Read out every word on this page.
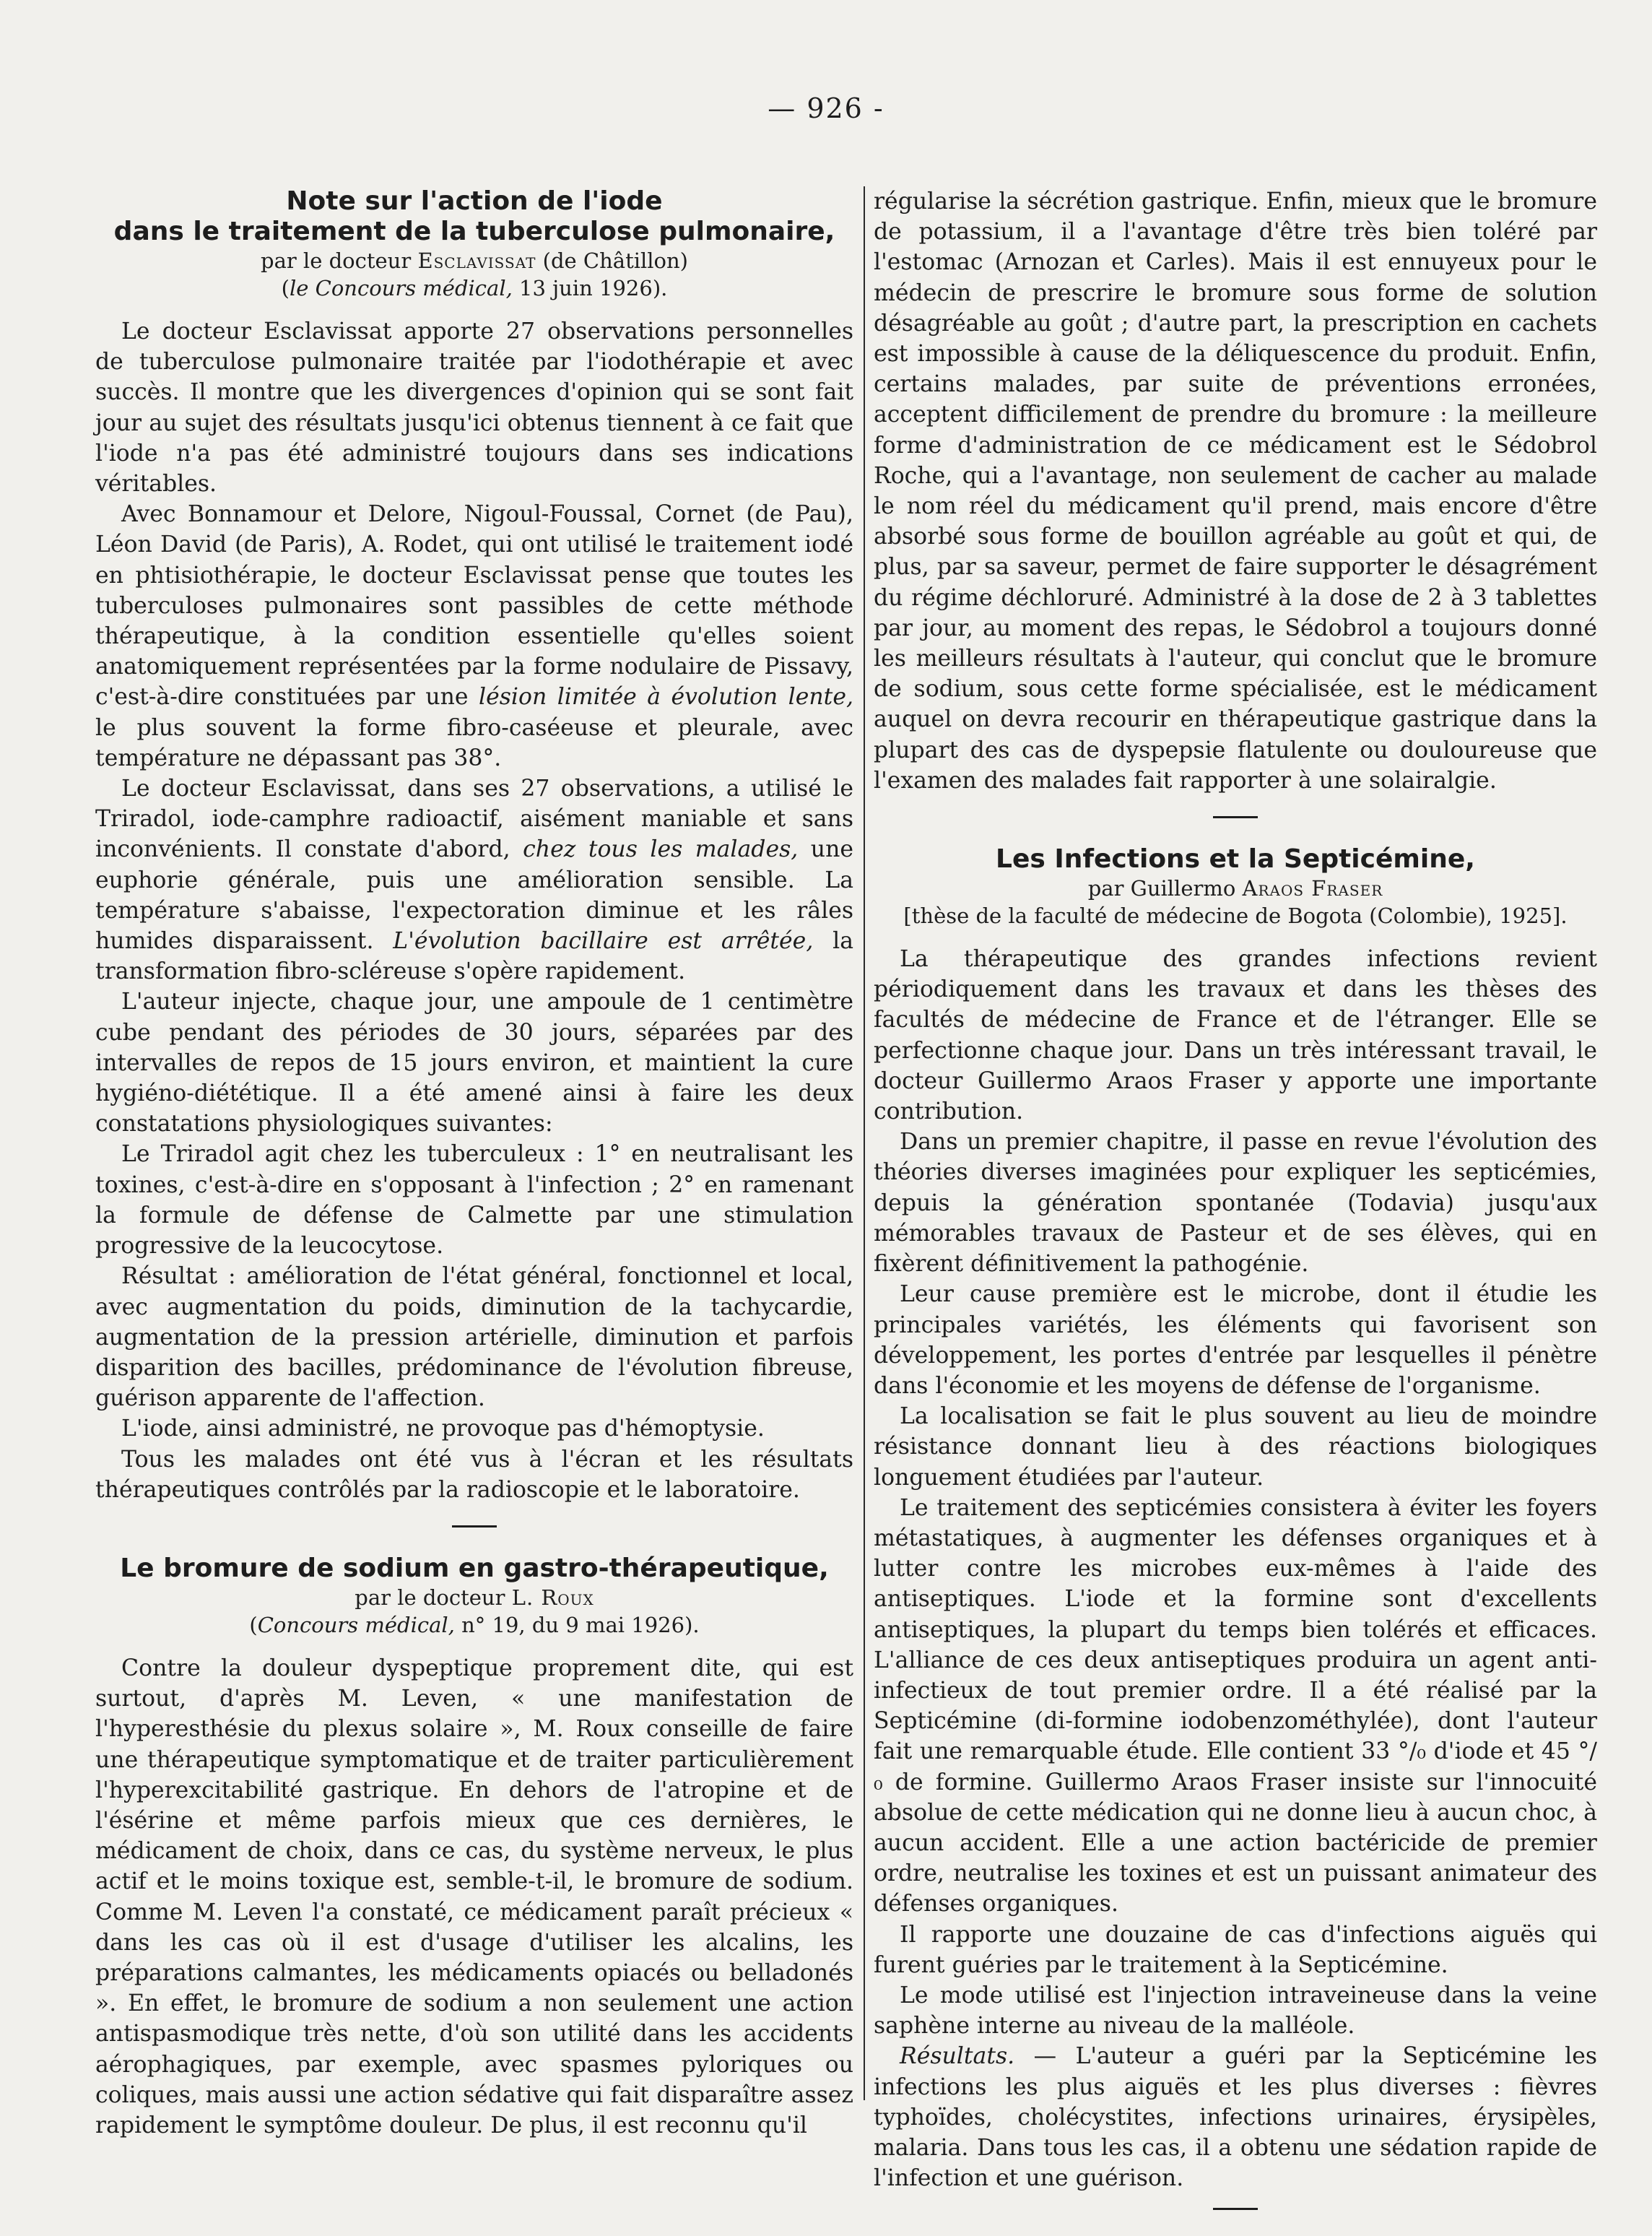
— 926 -

Note sur l'action de l'iode

dans le traitement de la tuberculose pulmonaire,

par le docteur Esclavissat (de Châtillon)

(le Concours médical, 13 juin 1926).

Le docteur Esclavissat apporte 27 observations personnelles de tuberculose pulmonaire traitée par l'iodothérapie et avec succès. Il montre que les divergences d'opinion qui se sont fait jour au sujet des résultats jusqu'ici obtenus tiennent à ce fait que l'iode n'a pas été administré toujours dans ses indications véritables.

Avec Bonnamour et Delore, Nigoul-Foussal, Cornet (de Pau), Léon David (de Paris), A. Rodet, qui ont utilisé le traitement iodé en phtisiothérapie, le docteur Esclavissat pense que toutes les tuberculoses pulmonaires sont passibles de cette méthode thérapeutique, à la condition essentielle qu'elles soient anatomiquement représentées par la forme nodulaire de Pissavy, c'est-à-dire constituées par une lésion limitée à évolution lente, le plus souvent la forme fibro-caséeuse et pleurale, avec température ne dépassant pas 38°.

Le docteur Esclavissat, dans ses 27 observations, a utilisé le Triradol, iode-camphre radioactif, aisément maniable et sans inconvénients. Il constate d'abord, chez tous les malades, une euphorie générale, puis une amélioration sensible. La température s'abaisse, l'expectoration diminue et les râles humides disparaissent. L'évolution bacillaire est arrêtée, la transformation fibro-scléreuse s'opère rapidement.

L'auteur injecte, chaque jour, une ampoule de 1 centimètre cube pendant des périodes de 30 jours, séparées par des intervalles de repos de 15 jours environ, et maintient la cure hygiéno-diététique. Il a été amené ainsi à faire les deux constatations physiologiques suivantes:

Le Triradol agit chez les tuberculeux : 1° en neutralisant les toxines, c'est-à-dire en s'opposant à l'infection ; 2° en ramenant la formule de défense de Calmette par une stimulation progressive de la leucocytose.

Résultat : amélioration de l'état général, fonctionnel et local, avec augmentation du poids, diminution de la tachycardie, augmentation de la pression artérielle, diminution et parfois disparition des bacilles, prédominance de l'évolution fibreuse, guérison apparente de l'affection.

L'iode, ainsi administré, ne provoque pas d'hémoptysie.

Tous les malades ont été vus à l'écran et les résultats thérapeutiques contrôlés par la radioscopie et le laboratoire.

Le bromure de sodium en gastro-thérapeutique,

par le docteur L. Roux

(Concours médical, n° 19, du 9 mai 1926).

Contre la douleur dyspeptique proprement dite, qui est surtout, d'après M. Leven, « une manifestation de l'hyperesthésie du plexus solaire », M. Roux conseille de faire une thérapeutique symptomatique et de traiter particulièrement l'hyperexcitabilité gastrique. En dehors de l'atropine et de l'ésérine et même parfois mieux que ces dernières, le médicament de choix, dans ce cas, du système nerveux, le plus actif et le moins toxique est, semble-t-il, le bromure de sodium. Comme M. Leven l'a constaté, ce médicament paraît précieux « dans les cas où il est d'usage d'utiliser les alcalins, les préparations calmantes, les médicaments opiacés ou belladonés ». En effet, le bromure de sodium a non seulement une action antispasmodique très nette, d'où son utilité dans les accidents aérophagiques, par exemple, avec spasmes pyloriques ou coliques, mais aussi une action sédative qui fait disparaître assez rapidement le symptôme douleur. De plus, il est reconnu qu'il

régularise la sécrétion gastrique. Enfin, mieux que le bromure de potassium, il a l'avantage d'être très bien toléré par l'estomac (Arnozan et Carles). Mais il est ennuyeux pour le médecin de prescrire le bromure sous forme de solution désagréable au goût ; d'autre part, la prescription en cachets est impossible à cause de la déliquescence du produit. Enfin, certains malades, par suite de préventions erronées, acceptent difficilement de prendre du bromure : la meilleure forme d'administration de ce médicament est le Sédobrol Roche, qui a l'avantage, non seulement de cacher au malade le nom réel du médicament qu'il prend, mais encore d'être absorbé sous forme de bouillon agréable au goût et qui, de plus, par sa saveur, permet de faire supporter le désagrément du régime déchloruré. Administré à la dose de 2 à 3 tablettes par jour, au moment des repas, le Sédobrol a toujours donné les meilleurs résultats à l'auteur, qui conclut que le bromure de sodium, sous cette forme spécialisée, est le médicament auquel on devra recourir en thérapeutique gastrique dans la plupart des cas de dyspepsie flatulente ou douloureuse que l'examen des malades fait rapporter à une solairalgie.

Les Infections et la Septicémine,

par Guillermo Araos Fraser

[thèse de la faculté de médecine de Bogota (Colombie), 1925].

La thérapeutique des grandes infections revient périodiquement dans les travaux et dans les thèses des facultés de médecine de France et de l'étranger. Elle se perfectionne chaque jour. Dans un très intéressant travail, le docteur Guillermo Araos Fraser y apporte une importante contribution.

Dans un premier chapitre, il passe en revue l'évolution des théories diverses imaginées pour expliquer les septicémies, depuis la génération spontanée (Todavia) jusqu'aux mémorables travaux de Pasteur et de ses élèves, qui en fixèrent définitivement la pathogénie.

Leur cause première est le microbe, dont il étudie les principales variétés, les éléments qui favorisent son développement, les portes d'entrée par lesquelles il pénètre dans l'économie et les moyens de défense de l'organisme.

La localisation se fait le plus souvent au lieu de moindre résistance donnant lieu à des réactions biologiques longuement étudiées par l'auteur.

Le traitement des septicémies consistera à éviter les foyers métastatiques, à augmenter les défenses organiques et à lutter contre les microbes eux-mêmes à l'aide des antiseptiques. L'iode et la formine sont d'excellents antiseptiques, la plupart du temps bien tolérés et efficaces. L'alliance de ces deux antiseptiques produira un agent anti-infectieux de tout premier ordre. Il a été réalisé par la Septicémine (di-formine iodobenzométhylée), dont l'auteur fait une remarquable étude. Elle contient 33 °/₀ d'iode et 45 °/₀ de formine. Guillermo Araos Fraser insiste sur l'innocuité absolue de cette médication qui ne donne lieu à aucun choc, à aucun accident. Elle a une action bactéricide de premier ordre, neutralise les toxines et est un puissant animateur des défenses organiques.

Il rapporte une douzaine de cas d'infections aiguës qui furent guéries par le traitement à la Septicémine.

Le mode utilisé est l'injection intraveineuse dans la veine saphène interne au niveau de la malléole.

Résultats. — L'auteur a guéri par la Septicémine les infections les plus aiguës et les plus diverses : fièvres typhoïdes, cholécystites, infections urinaires, érysipèles, malaria. Dans tous les cas, il a obtenu une sédation rapide de l'infection et une guérison.
